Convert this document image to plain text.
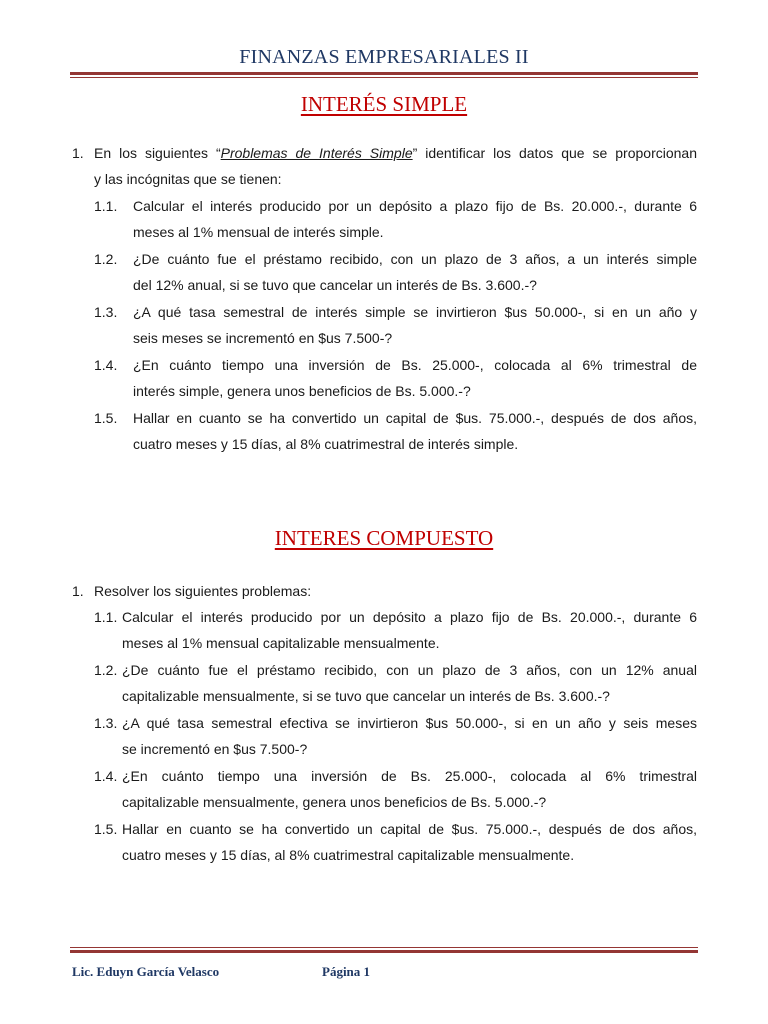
FINANZAS EMPRESARIALES II
INTERÉS SIMPLE
1. En los siguientes “Problemas de Interés Simple” identificar los datos que se proporcionan
y las incógnitas que se tienen:
1.1. Calcular el interés producido por un depósito a plazo fijo de Bs. 20.000.-, durante 6
meses al 1% mensual de interés simple.
1.2. ¿De cuánto fue el préstamo recibido, con un plazo de 3 años, a un interés simple
del 12% anual, si se tuvo que cancelar un interés de Bs. 3.600.-?
1.3. ¿A qué tasa semestral de interés simple se invirtieron $us 50.000-, si en un año y
seis meses se incrementó en $us 7.500-?
1.4. ¿En cuánto tiempo una inversión de Bs. 25.000-, colocada al 6% trimestral de
interés simple, genera unos beneficios de Bs. 5.000.-?
1.5. Hallar en cuanto se ha convertido un capital de $us. 75.000.-, después de dos años,
cuatro meses y 15 días, al 8% cuatrimestral de interés simple.
INTERES COMPUESTO
1. Resolver los siguientes problemas:
1.1. Calcular el interés producido por un depósito a plazo fijo de Bs. 20.000.-, durante 6
meses al 1% mensual capitalizable mensualmente.
1.2. ¿De cuánto fue el préstamo recibido, con un plazo de 3 años, con un 12% anual
capitalizable mensualmente, si se tuvo que cancelar un interés de Bs. 3.600.-?
1.3. ¿A qué tasa semestral efectiva se invirtieron $us 50.000-, si en un año y seis meses
se incrementó en $us 7.500-?
1.4. ¿En cuánto tiempo una inversión de Bs. 25.000-, colocada al 6% trimestral
capitalizable mensualmente, genera unos beneficios de Bs. 5.000.-?
1.5. Hallar en cuanto se ha convertido un capital de $us. 75.000.-, después de dos años,
cuatro meses y 15 días, al 8% cuatrimestral capitalizable mensualmente.
Lic. Eduyn García Velasco	Página 1
